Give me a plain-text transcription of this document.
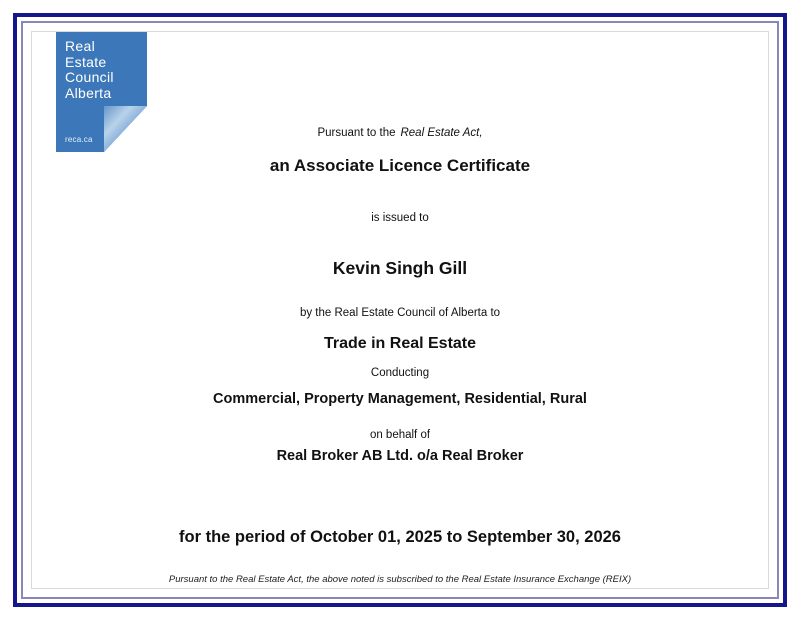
Real
Estate
Council
Alberta
reca.ca
Pursuant to the Real Estate Act,
an Associate Licence Certificate
is issued to
Kevin Singh Gill
by the Real Estate Council of Alberta to
Trade in Real Estate
Conducting
Commercial, Property Management, Residential, Rural
on behalf of
Real Broker AB Ltd. o/a Real Broker
for the period of October 01, 2025 to September 30, 2026
Pursuant to the Real Estate Act, the above noted is subscribed to the Real Estate Insurance Exchange (REIX)
